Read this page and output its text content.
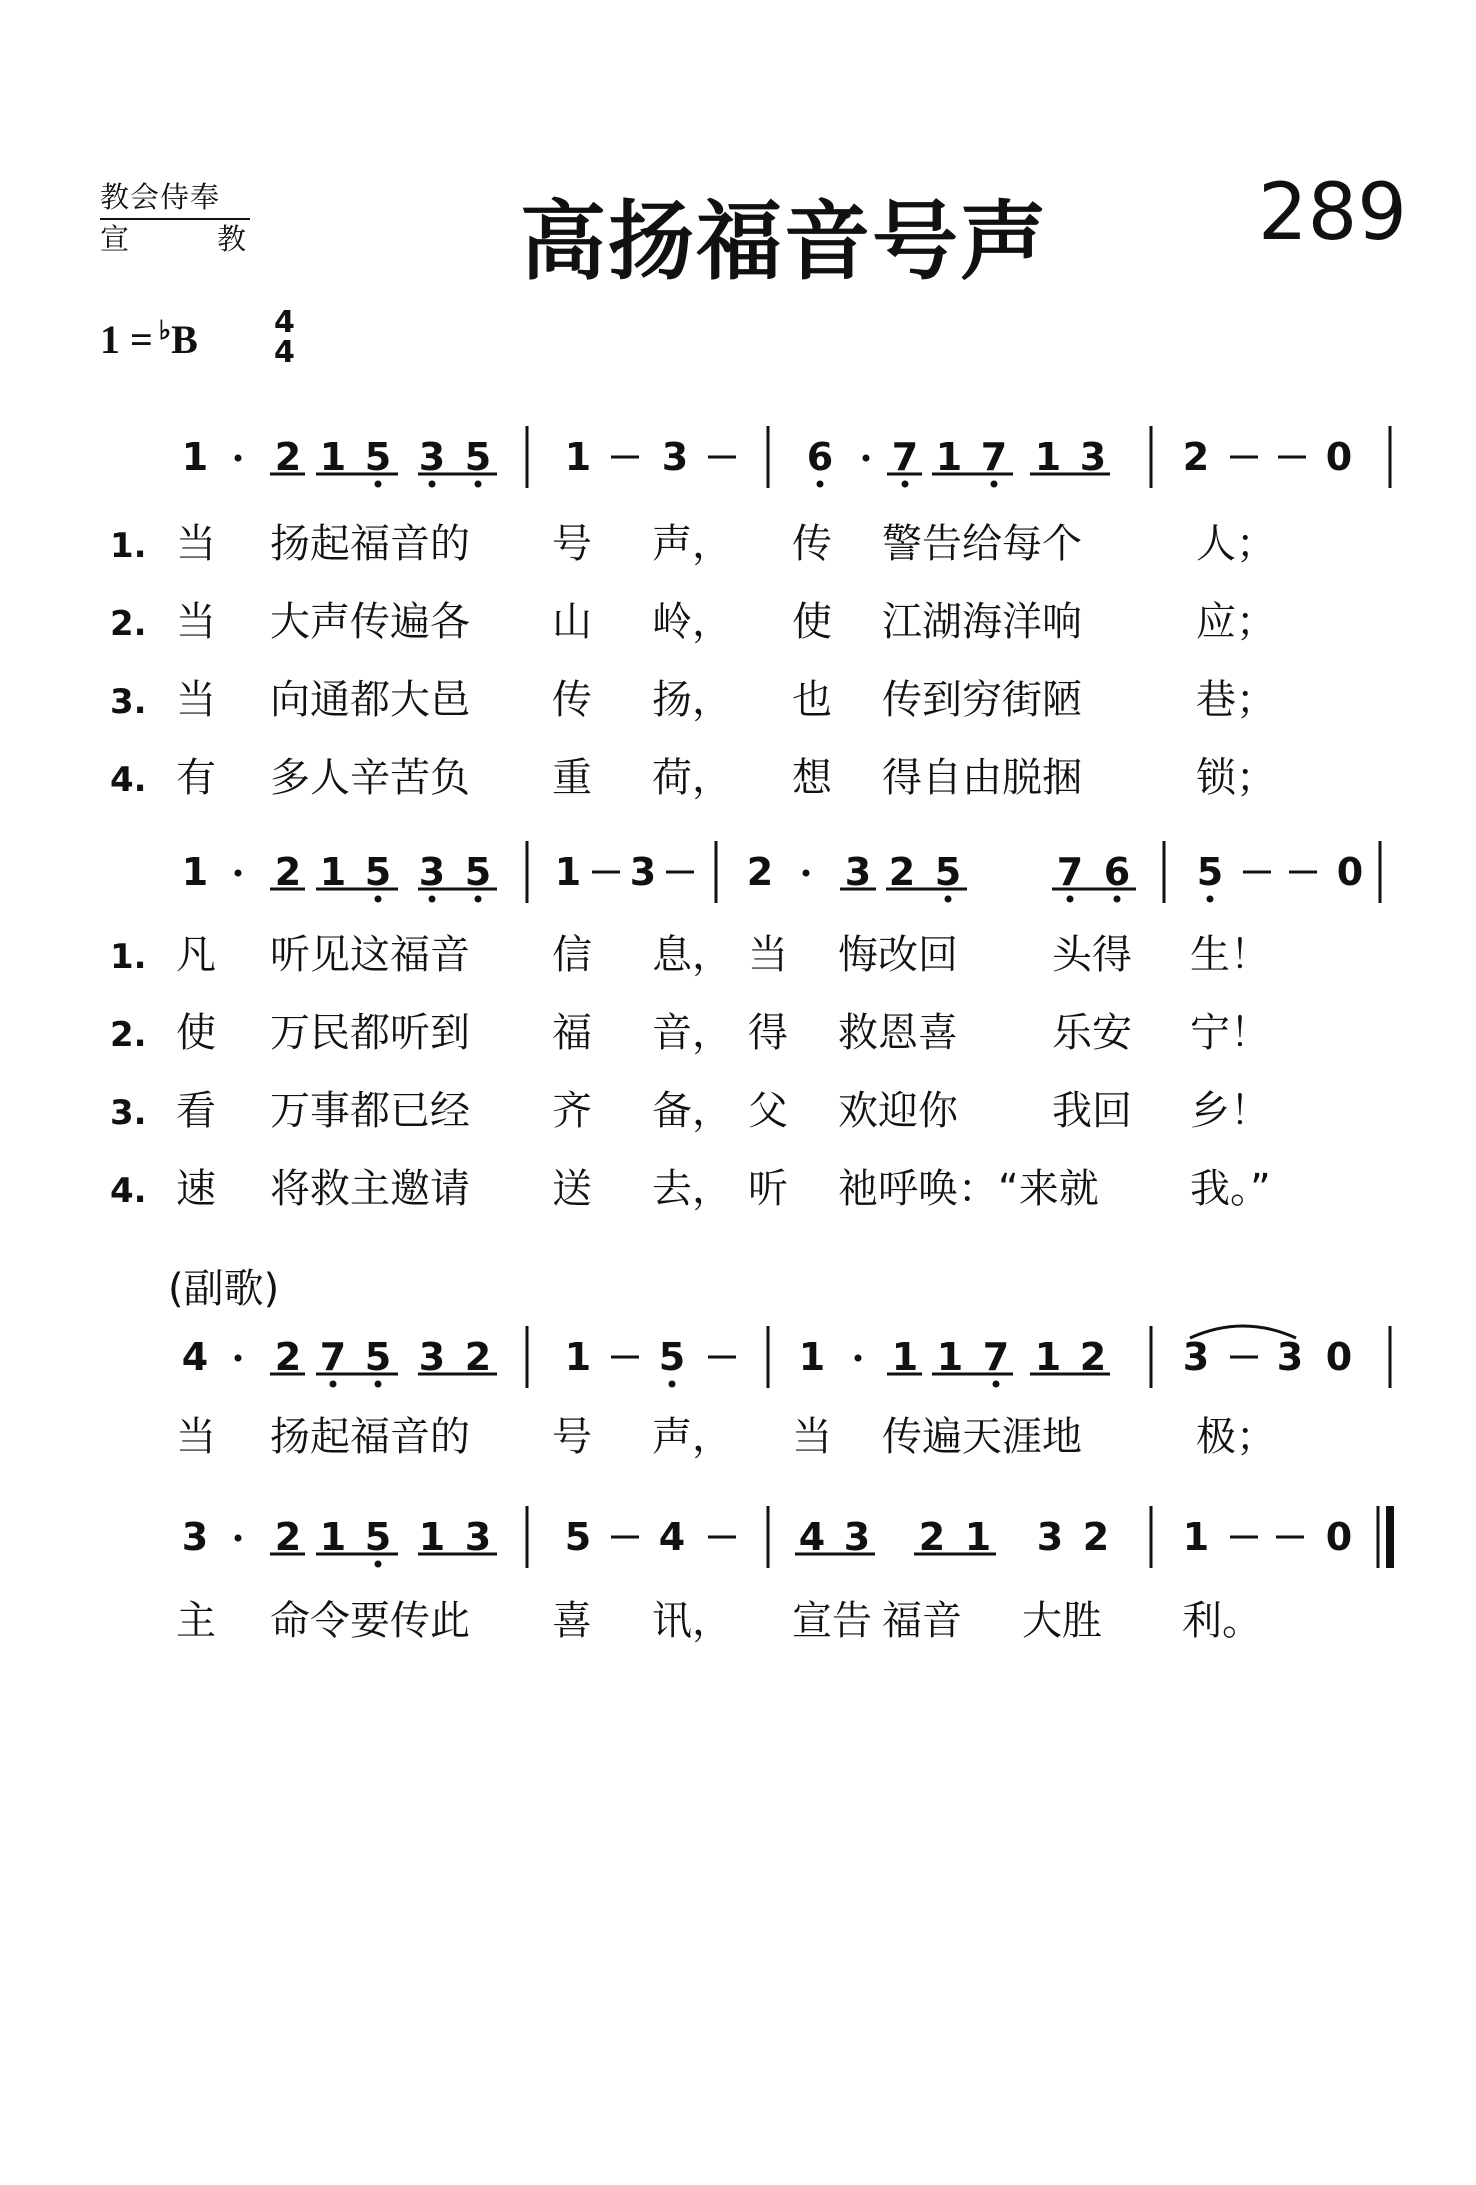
教会侍奉
宣	教	高扬福音号声	289
1 = ♭B	4
4
1 2 1 5 3 5 1 3	6 7 1 7 1 3 2	0
1 2 1 5 3 5 1 3 2 3 2 5	7 6 5	0
4 2 7 5 3 2 1 5	1 1 1 7 1 2 3 3 0
3 2 1 5 1 3 5 4	4 3 2 1 3 2 1	0
1. 当 扬起福音的 号 声， 传 警告给每个	人；
2. 当 大声传遍各 山 岭， 使 江湖海洋响	应；
3. 当 向通都大邑 传 扬， 也 传到穷街陋	巷；
4. 有 多人辛苦负 重 荷， 想 得自由脱捆	锁；
1. 凡 听见这福音 信 息， 当 悔改回 头得 生！
2. 使 万民都听到 福 音， 得 救恩喜 乐安 宁！
3. 看 万事都已经 齐 备， 父 欢迎你 我回 乡！
4. 速 将救主邀请 送 去， 听 祂呼唤：“来就 我。”
当 扬起福音的 号 声， 当 传遍天涯地	极；
主 命令要传此 喜 讯， 宣告 福音 大胜 利。
(副歌)
